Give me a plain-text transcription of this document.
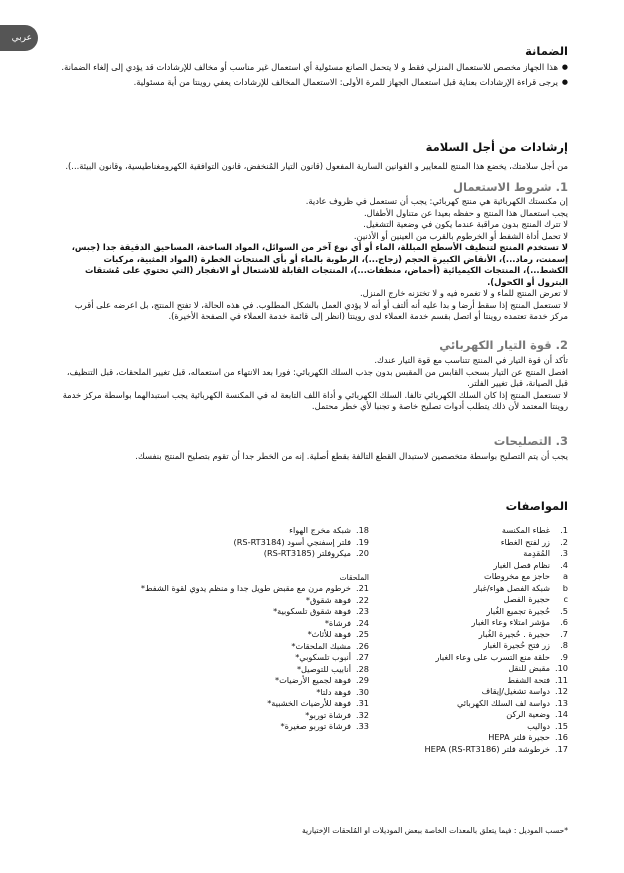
عربي
الضمانة
● هذا الجهاز مخصص للاستعمال المنزلي فقط و لا يتحمل الصانع مسئولية أي استعمال غير مناسب أو مخالف للإرشادات قد يؤدي إلى إلغاء الضمانة.
● يرجى قراءة الإرشادات بعناية قبل استعمال الجهاز للمرة الأولى: الاستعمال المخالف للإرشادات يعفي روينتا من أية مسئولية.
إرشادات من أجل السلامة
من أجل سلامتك، يخضع هذا المنتج للمعايير و القوانين السارية المفعول (قانون التيار المُنخفض، قانون التوافقية الكهرومغناطيسية، وقانون البيئة...).
1. شروط الاستعمال
إن مكنستك الكهربائية هي منتج كهربائي: يجب أن تستعمل في ظروف عادية.
يجب استعمال هذا المنتج و حفظه بعيدا عن متناول الأطفال.
لا تترك المنتج بدون مراقبة عندما يكون في وضعية التشغيل.
لا تحمل أداة الشفط أو الخرطوم بالقرب من العينين أو الأذنين.
لا تستخدم المنتج لتنظيف الأسطح المبللة، الماء أو أي نوع آخر من السوائل، المواد الساخنة، المساحيق الدقيقة جدا (جبس، إسمنت، رماد...)، الأنقاض الكبيرة الحجم (زجاج...)، الرطوبة بالماء أو بأي المنتجات الخطرة (المواد المثبية، مركبات الكشط...)، المنتجات الكيميائية (أحماض، منظفات...)، المنتجات القابلة للاشتعال أو الانفجار (التي تحتوي على مُشتقات البترول أو الكحول).
لا تعرض المنتج للماء و لا تغمره فيه و لا تختزنه خارج المنزل.
لا تستعمل المنتج إذا سقط أرضا و بدا عليه أنه ألتف أو أنه لا يؤدي العمل بالشكل المطلوب. في هذه الحالة، لا تفتح المنتج، بل اعرضه على أقرب مركز خدمة تعتمده روينتا أو اتصل بقسم خدمة العملاء لدى روينتا (انظر إلى قائمة خدمة العملاء في الصفحة الأخيرة).
2. قوة التيار الكهربائي
تأكد أن قوة التيار في المنتج تتناسب مع قوة التيار عندك.
افصل المنتج عن التيار بسحب القابس من المقبس بدون جذب السلك الكهربائي: فورا بعد الانتهاء من استعماله، قبل تغيير الملحقات، قبل التنظيف، قبل الصيانة، قبل تغيير الفلتر.
لا تستعمل المنتج إذا كان السلك الكهربائي تالفا. السلك الكهربائي و أداة اللف التابعة له في المكنسة الكهربائية يجب استبدالهما بواسطة مركز خدمة روينتا المعتمد لأن ذلك يتطلب أدوات تصليح خاصة و تجنبا لأي خطر محتمل.
3. التصليحات
يجب أن يتم التصليح بواسطة متخصصين لاستبدال القطع التالفة بقطع أصلية. إنه من الخطر جدا أن تقوم بتصليح المنتج بنفسك.
المواصفات
1.
غطاء المكنسة
2.
زر لفتح الغطاء
3.
المُقدِمة
4.
نظام فصل الغبار
a
حاجز مع مخروطات
b
شبكة الفصل هواء/غبار
c
حجيرة الفصل
5.
حُجيرة تجميع الغُبار
6.
مؤشر امتلاء وعاء الغبار
7.
حجيرة . حُجيرة الغُبار
8.
زر فتح حُجيرة الغبار
9.
حلقة منع التسرب على وعاء الغبار
10.
مقبض للنقل
11.
فتحة الشفط
12.
دواسة تشغيل/إيقاف
13.
دواسة لف السلك الكهربائي
14.
وضعية الركن
15.
دواليب
16.
حجيرة فلتر HEPA
17.
خرطوشة فلتر HEPA (RS-RT3186)
18.
شبكة مخرج الهواء
19.
فلتر إسفنجي أسود (RS-RT3184)
20.
ميكروفلتر (RS-RT3185)
الملحقات
21.
خرطوم مرن مع مقبض طويل جدا و منظم يدوي لقوة الشفط*
22.
فوهة شقوق*
23.
فوهة شقوق تلسكوبية*
24.
فرشاة*
25.
فوهة للأثاث*
26.
مشبك الملحقات*
27.
أنبوب تلسكوبي*
28.
أنابيب للتوصيل*
29.
فوهة لجميع الأرضيات*
30.
فوهة دلتا*
31.
فوهة للأرضيات الخشبية*
32.
فرشاة توربو*
33.
فرشاة توربو صغيرة*
*حسب الموديل : فيما يتعلق بالمعدات الخاصة ببعض الموديلات او المُلحقات الإختيارية
